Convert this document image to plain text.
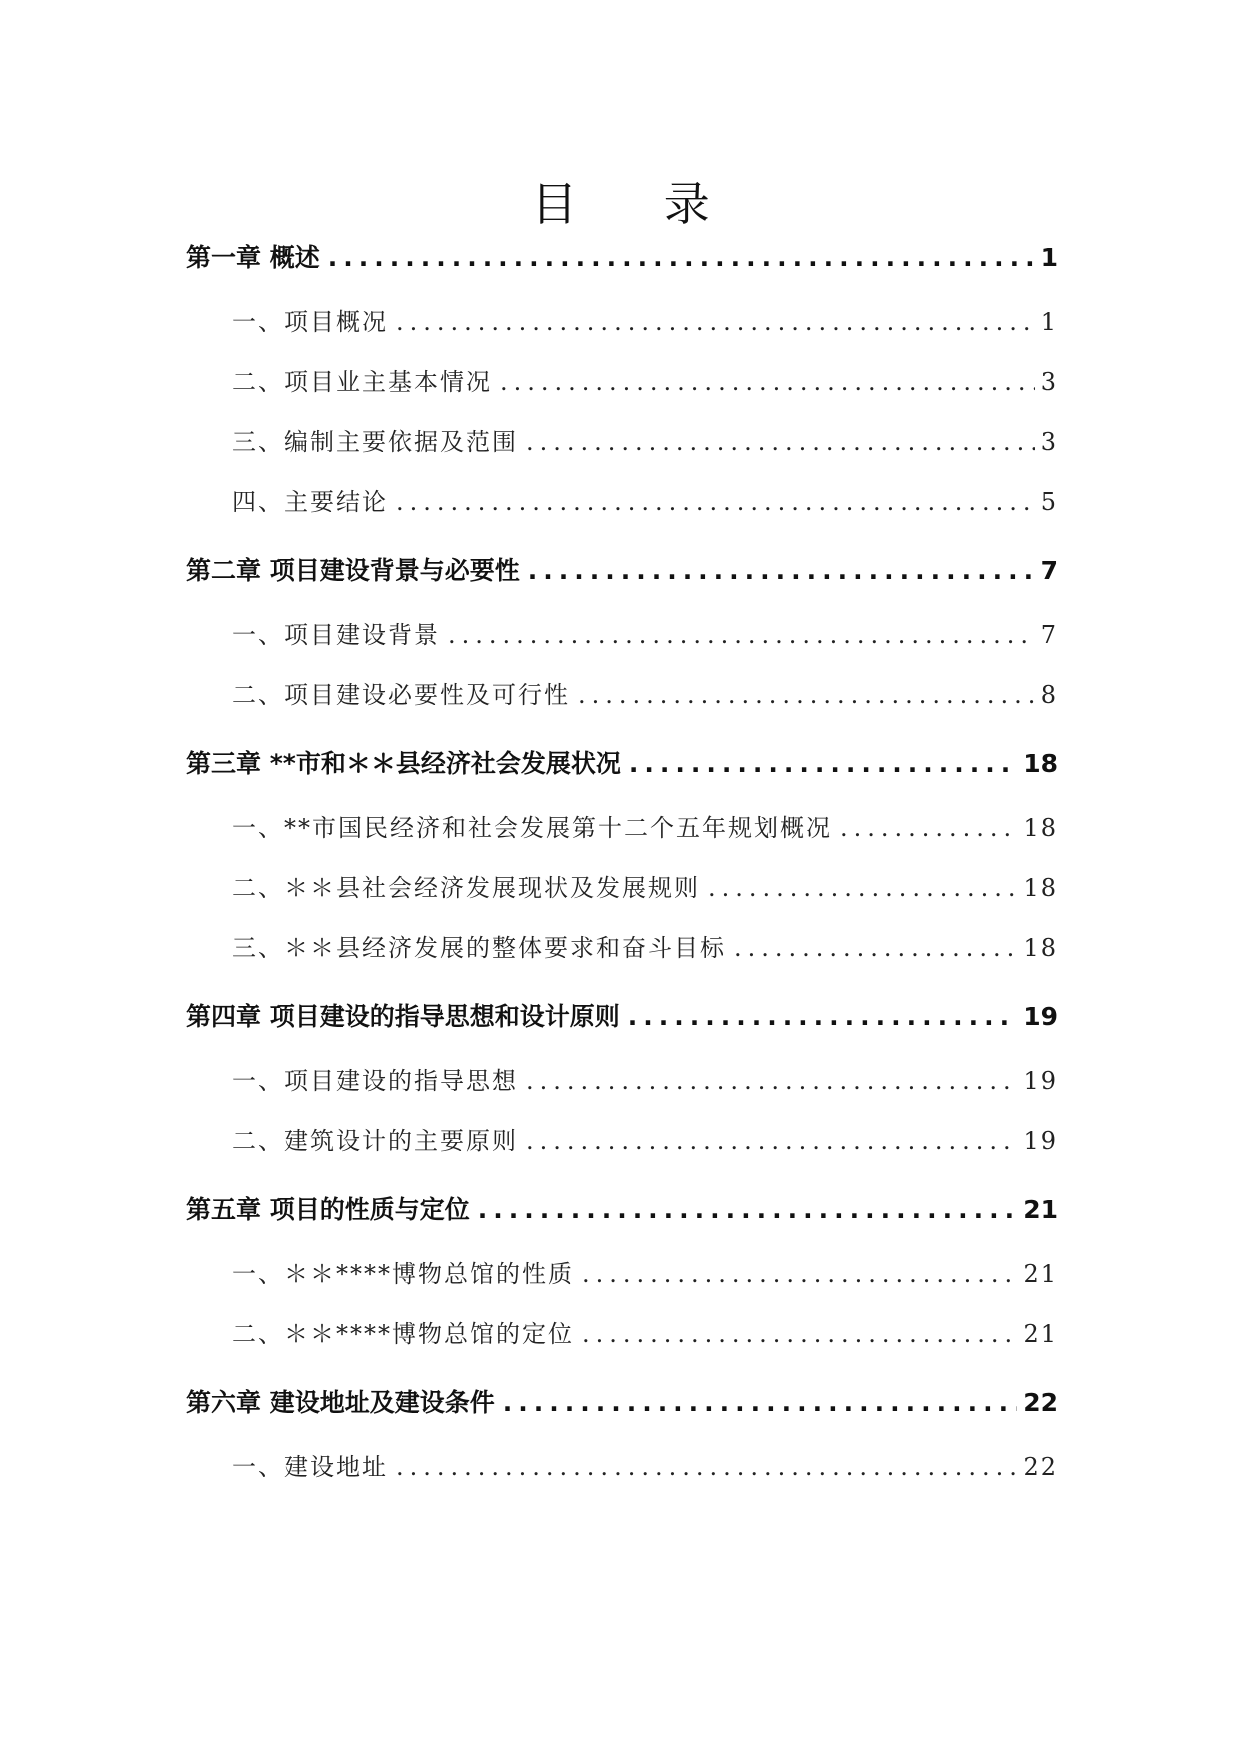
目 录
第一章 概述 .....	1
一、项目概况 .....	1
二、项目业主基本情况 .....	3
三、编制主要依据及范围 .....	3
四、主要结论 .....	5
第二章 项目建设背景与必要性 .....	7
一、项目建设背景 .....	7
二、项目建设必要性及可行性 .....	8
第三章 **市和＊＊县经济社会发展状况 .....	18
一、**市国民经济和社会发展第十二个五年规划概况 .....	18
二、＊＊县社会经济发展现状及发展规则 .....	18
三、＊＊县经济发展的整体要求和奋斗目标 .....	18
第四章 项目建设的指导思想和设计原则 .....	19
一、项目建设的指导思想 .....	19
二、建筑设计的主要原则 .....	19
第五章 项目的性质与定位 .....	21
一、＊＊****博物总馆的性质 .....	21
二、＊＊****博物总馆的定位 .....	21
第六章 建设地址及建设条件 .....	22
一、建设地址 .....	22
